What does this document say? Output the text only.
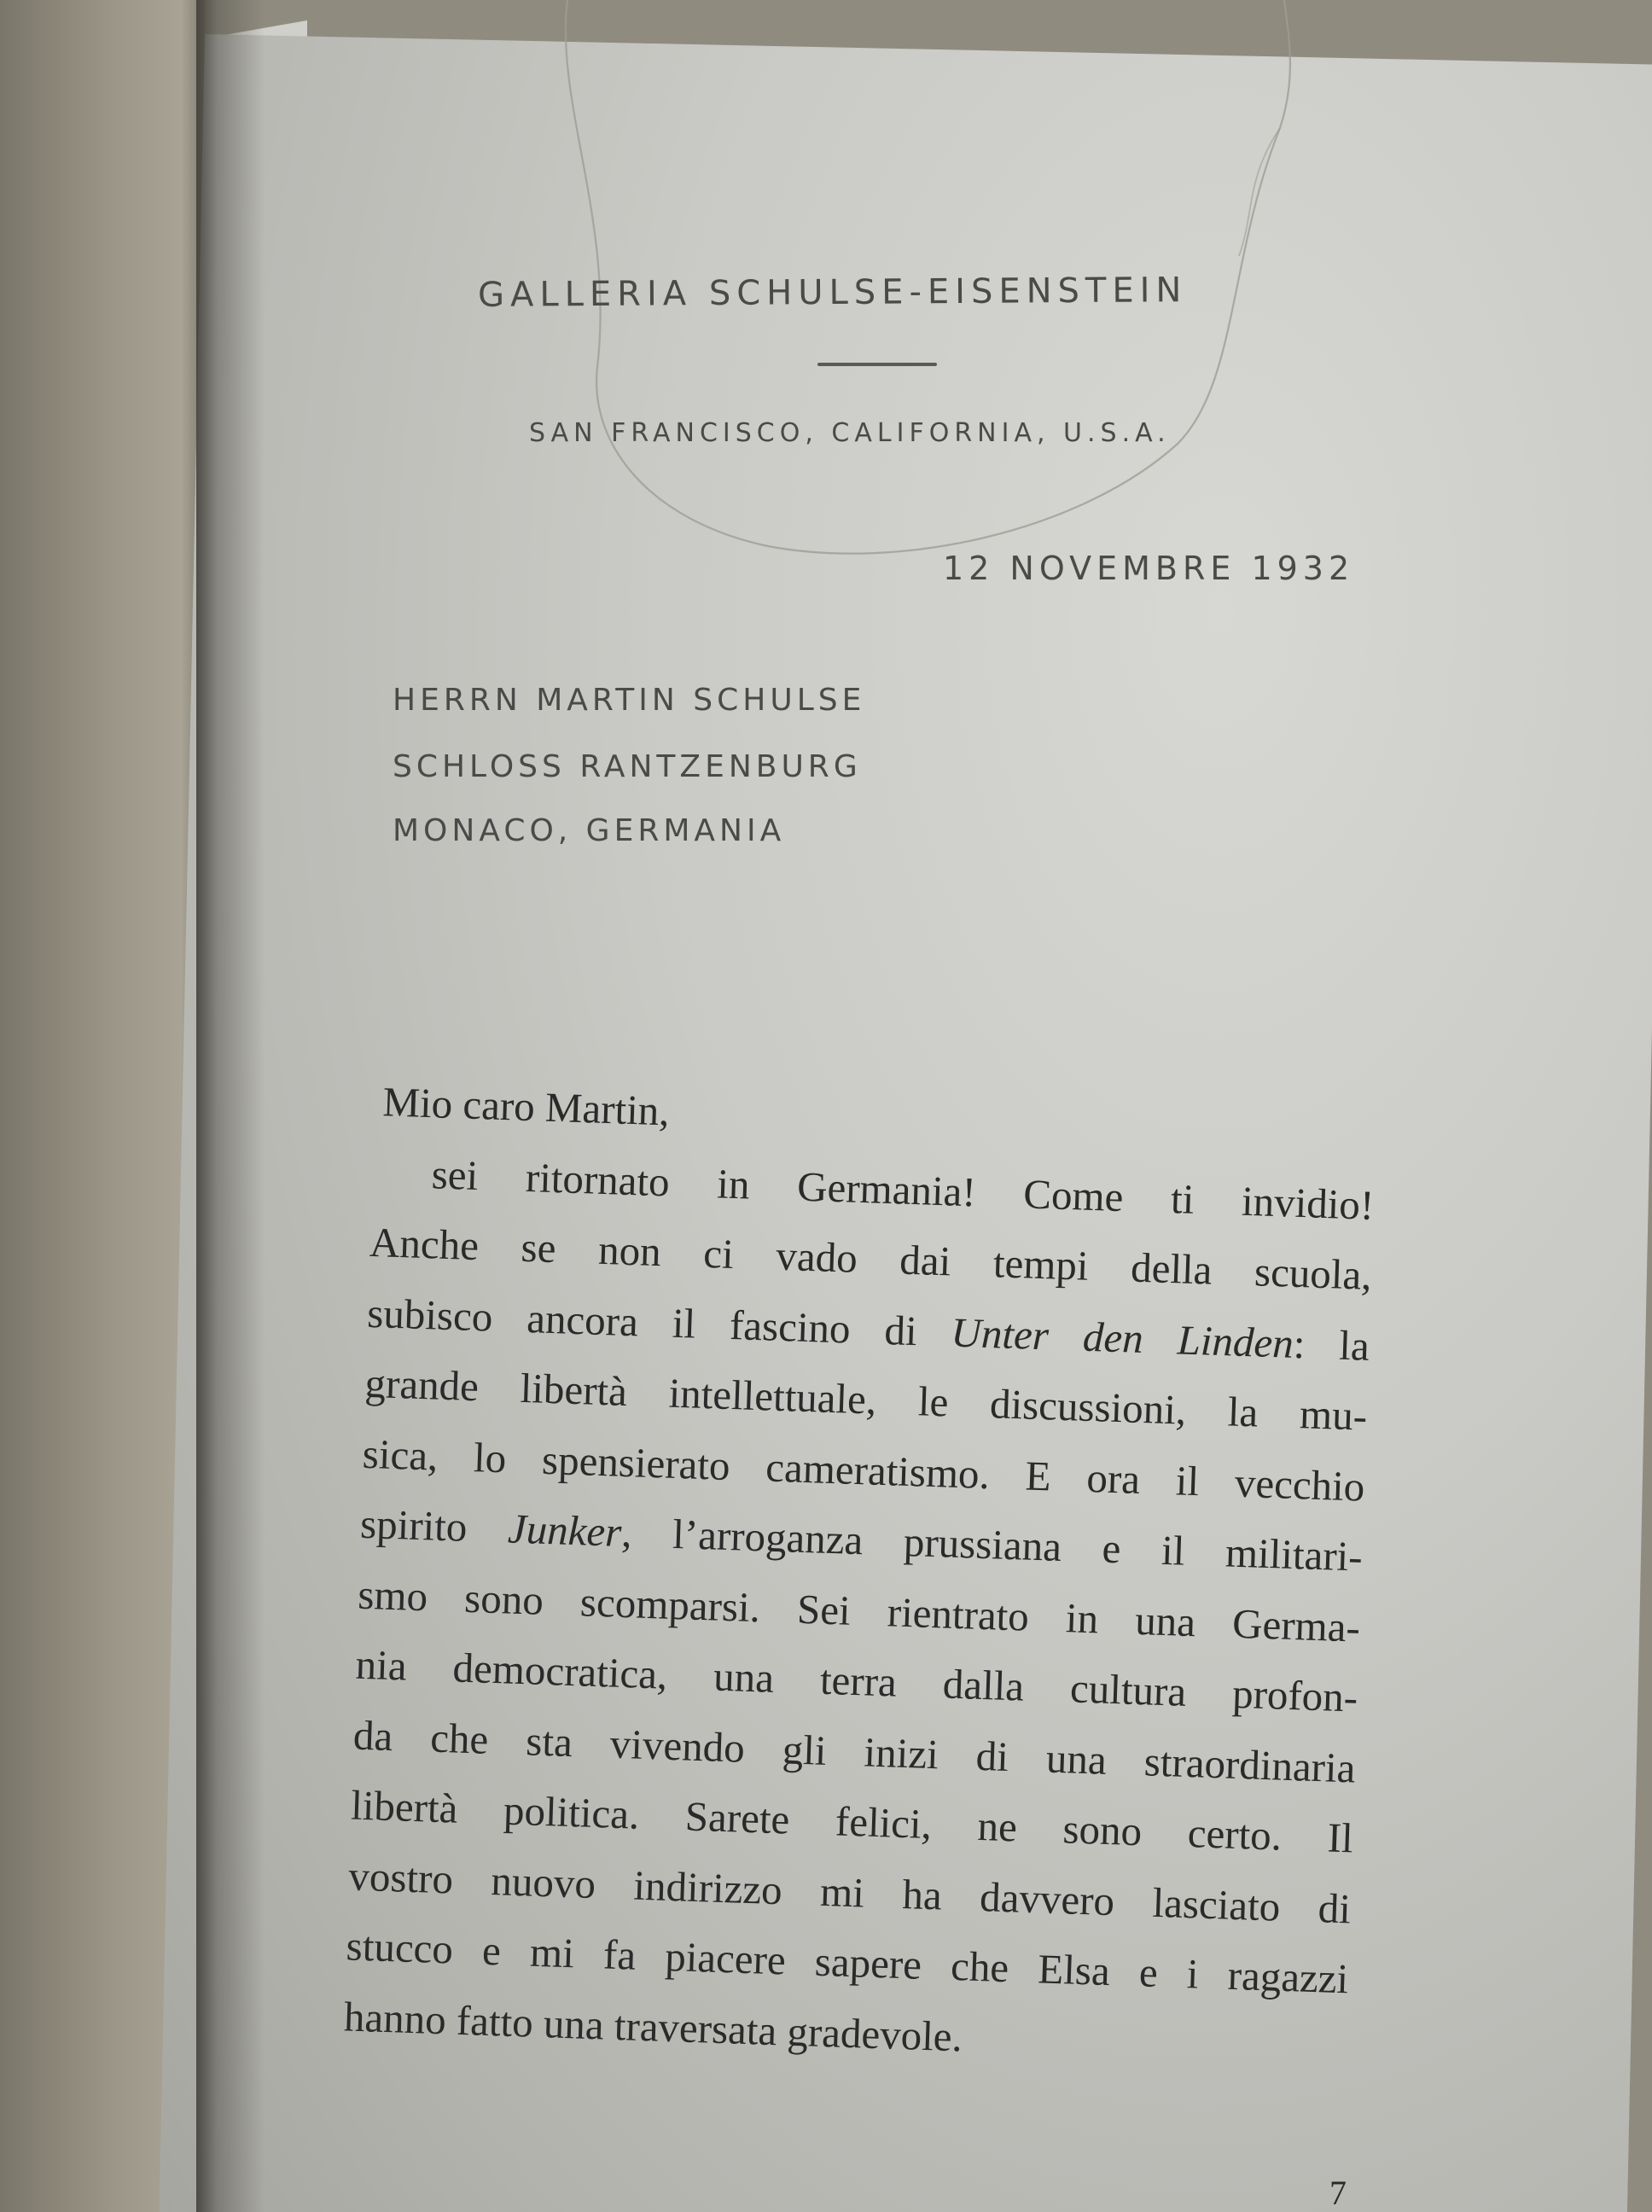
GALLERIA SCHULSE-EISENSTEIN
SAN FRANCISCO, CALIFORNIA, U.S.A.
12 NOVEMBRE 1932
HERRN MARTIN SCHULSE
SCHLOSS RANTZENBURG
MONACO, GERMANIA
Mio caro Martin,
sei ritornato in Germania! Come ti invidio!
Anche se non ci vado dai tempi della scuola,
subisco ancora il fascino di Unter den Linden: la
grande libertà intellettuale, le discussioni, la mu-
sica, lo spensierato cameratismo. E ora il vecchio
spirito Junker, l’arroganza prussiana e il militari-
smo sono scomparsi. Sei rientrato in una Germa-
nia democratica, una terra dalla cultura profon-
da che sta vivendo gli inizi di una straordinaria
libertà politica. Sarete felici, ne sono certo. Il
vostro nuovo indirizzo mi ha davvero lasciato di
stucco e mi fa piacere sapere che Elsa e i ragazzi
hanno fatto una traversata gradevole.
7
